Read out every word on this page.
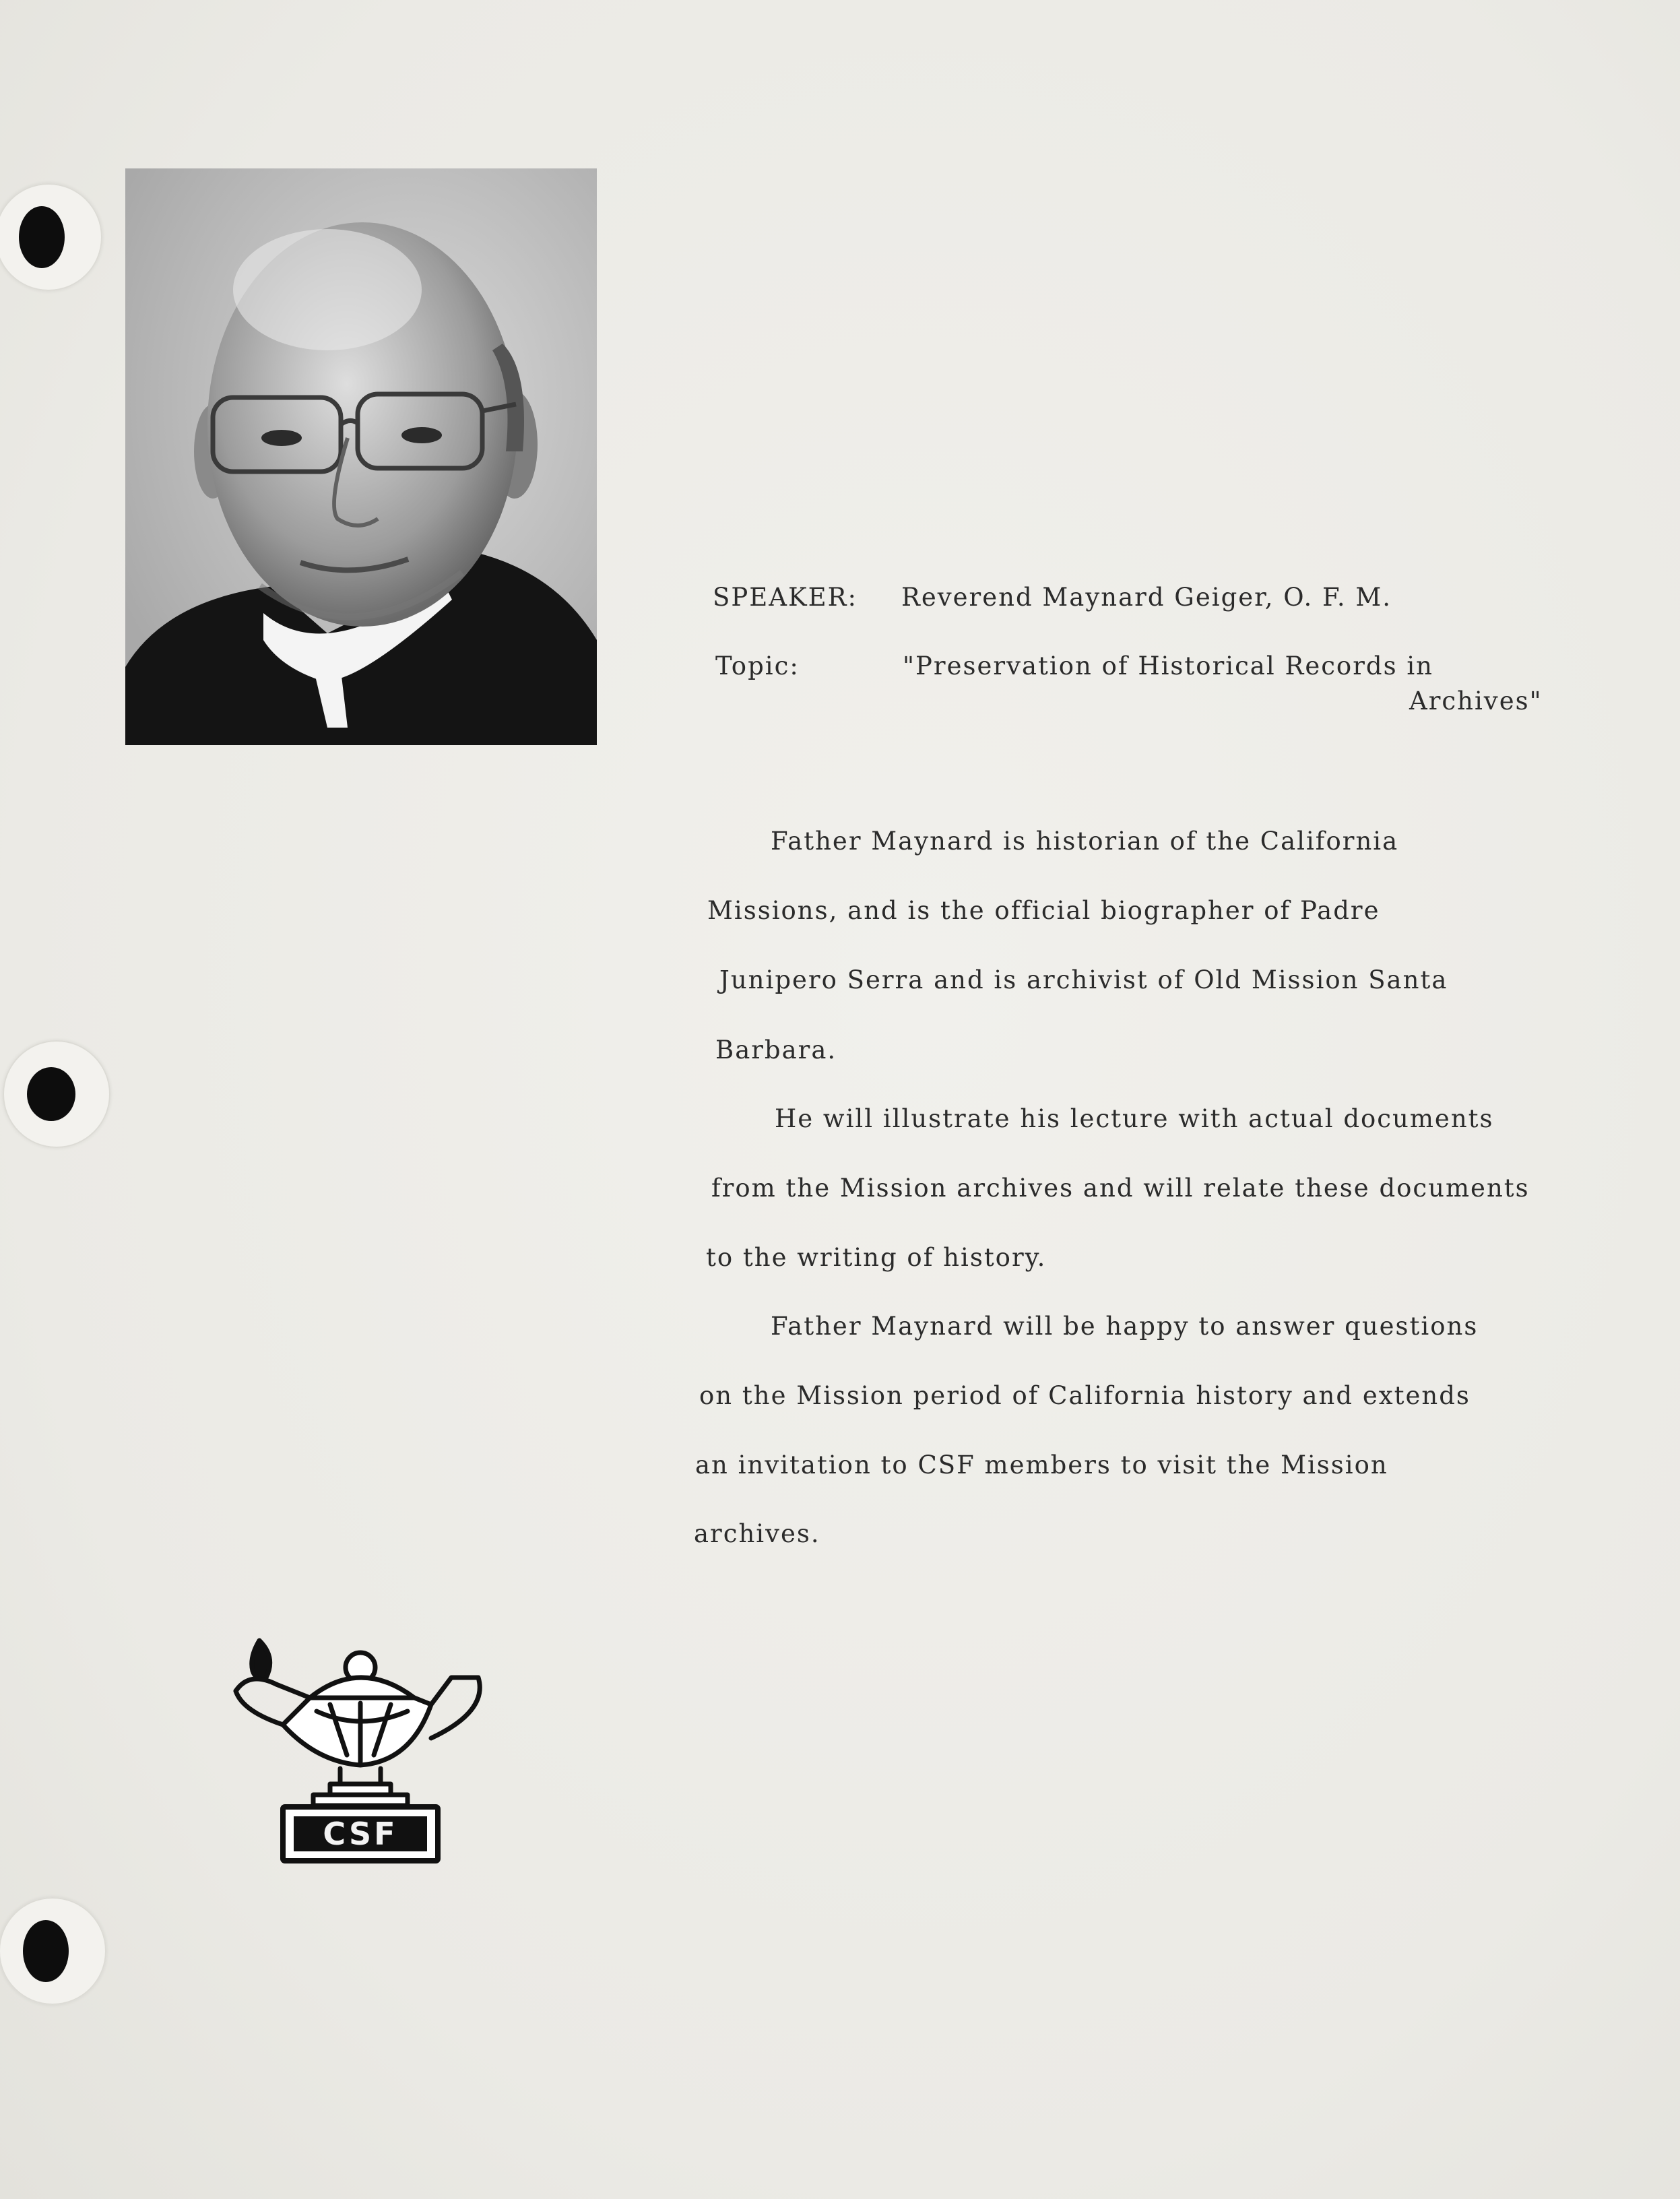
SPEAKER: Reverend Maynard Geiger, O. F. M.
Topic:	"Preservation of Historical Records in
Archives"
Father Maynard is historian of the California
Missions, and is the official biographer of Padre
Junipero Serra and is archivist of Old Mission Santa
Barbara.
He will illustrate his lecture with actual documents
from the Mission archives and will relate these documents
to the writing of history.
Father Maynard will be happy to answer questions
on the Mission period of California history and extends
an invitation to CSF members to visit the Mission
archives.
CSF
